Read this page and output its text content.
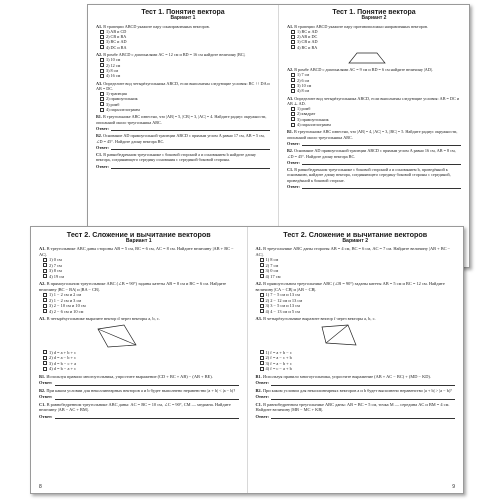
Тест 1. Понятие вектора
Вариант 1
А1. В трапеции ABCD укажите пару сонаправленных векторов.
1) AB и CD
2) CB и BA
3) BC и AD
4) DC и BA
А2. В ромбе ABCD с диагоналями AC = 12 см и BD = 16 см найдите величину |BC|.
1) 10 см
2) 12 см
3) 8 см
4) 16 см
А3. Определите вид четырёхугольника ABCD, если выполнены следующие условия: BC ↑↑ DA и AB = DC.
1) трапеция
2) прямоугольник
3) ромб
4) параллелограмм
В1. В треугольнике ABC известно, что |AB| = 5, |CB| = 3, |AC| = 4. Найдите радиус окружности, описанной около треугольника ABC.
Ответ:
В2. Основание AD прямоугольной трапеции ABCD с прямым углом A равно 17 см, AB = 5 см, ∠D = 45°. Найдите длину вектора BC.
Ответ:
С1. В равнобедренном треугольнике с боковой стороной a и основанием b найдите длину вектора, соединяющего середину основания с серединой боковой стороны.
Ответ:
Тест 1. Понятие вектора
Вариант 2
А1. В трапеции ABCD укажите пару противоположно направленных векторов.
1) BC и AD
2) AB и DC
3) CB и AD
4) BC и BA
А2. В ромбе ABCD с диагоналями AC = 9 см и BD = 6 см найдите величину |AD|.
1) 7 см
2) 6 см
3) 10 см
4) 8 см
А3. Определите вид четырёхугольника ABCD, если выполнены следующие условия: AB = DC и AB ⊥ AD.
1) ромб
2) квадрат
3) прямоугольник
4) параллелограмм
В1. В треугольнике ABC известно, что |AB| = 4, |AC| = 3, |BC| = 5. Найдите радиус окружности, описанной около треугольника ABC.
Ответ:
В2. Основание AD прямоугольной трапеции ABCD с прямым углом A равно 16 см, AB = 8 см, ∠D = 45°. Найдите длину вектора BC.
Ответ:
С1. В равнобедренном треугольнике с боковой стороной a и основанием b, проведённой к основанию, найдите длину вектора, соединяющего середину боковой стороны с серединой, проведённой к боковой стороне.
Ответ:
Тест 2. Сложение и вычитание векторов
Вариант 1
А1. В треугольнике ABC даны стороны AB = 5 см, BC = 6 см, AC = 8 см. Найдите величину |AB + BC − AC|.
1) 0 см
2) 7 см
3) 8 см
4) 19 см
А2. В прямоугольном треугольнике ABC (∠B = 90°) заданы катеты AB = 8 см и BC = 6 см. Найдите величину |BC − BA| и |BA − CB|.
1) 1 − 2 см и 2 см
2) 1 − 2 см и 3 см
3) 2 − 10 см и 10 см
4) 2 − 6 см и 10 см
А3. В четырёхугольнике выразите вектор d через векторы a, b, c.
1) d = a + b + c
2) d = a − b + c
3) d = b − c + a
4) d = b − a + c
В1. Используя правило многоугольника, упростите выражение (CD + BC + AB) − (AB + BE).
Ответ:
В2. При каком условии для неколлинеарных векторов a и b будет выполнено неравенство |a + b| < |a − b|?
Ответ:
С1. В равнобедренном треугольнике ABC даны: AC = BC = 10 см, ∠C = 90°, CM — медиана. Найдите величину |AB − AC + BM|.
Ответ:
8
Тест 2. Сложение и вычитание векторов
Вариант 2
А1. В треугольнике ABC даны стороны AB = 4 см, BC = 6 см, AC = 7 см. Найдите величину |AB + BC − AC|.
1) 8 см
2) 7 см
3) 0 см
4) 17 см
А2. В прямоугольном треугольнике ABC (∠B = 90°) заданы катеты AB = 5 см и BC = 12 см. Найдите величину |CA − CB| и |AB − CB|.
1) 7 − 5 см и 13 см
2) 2 − 12 см и 13 см
3) 3 − 5 см и 13 см
4) 4 − 13 см и 5 см
А3. В четырёхугольнике выразите вектор f через векторы a, b, c.
1) f = a + b − c
2) f = a − c + b
3) f = a − b + c
4) f = c − a + b
В1. Используя правило многоугольника, упростите выражение (AB + AC − BC) + (MD − KD).
Ответ:
В2. При каком условии для неколлинеарных векторов a и b будет выполнено неравенство |a + b| > |a − b|?
Ответ:
С1. В равнобедренном треугольнике ABC даны: AB = BC = 5 см, точка M — середина AC и BM = 4 см. Найдите величину |MB − MC + KB|.
Ответ:
9
